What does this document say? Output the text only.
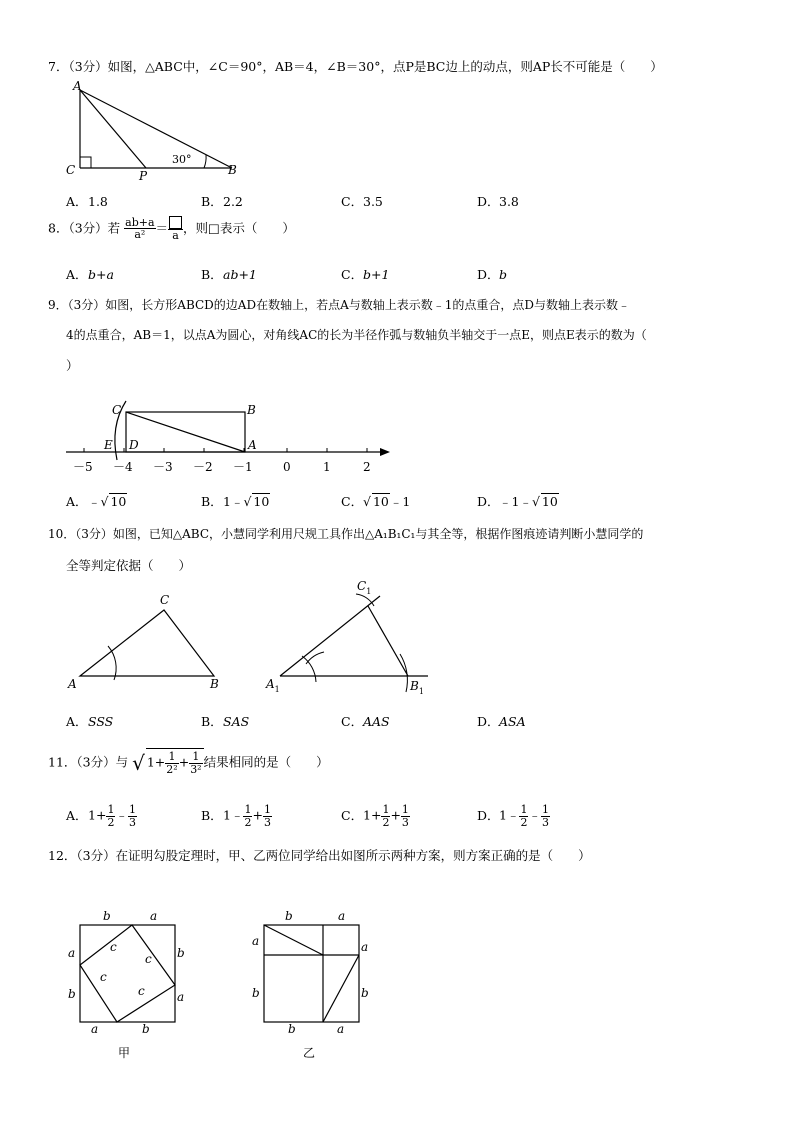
7．（3分）如图，△ABC中，∠C＝90°，AB＝4，∠B＝30°，点P是BC边上的动点，则AP长不可能是（　　）
A
C	P	B
30°
A．1.8	B．2.2	C．3.5	D．3.8
8．（3分）若 $\frac{ab+a}{\text{a²}}$ ＝
a
，则□表示（　　）
A．b+a	B．ab+1	C．b+1	D．b
9．（3分）如图，长方形ABCD的边AD在数轴上，若点A与数轴上表示数﹣1的点重合，点D与数轴上表示数﹣
4的点重合，AB＝1，以点A为圆心，对角线AC的长为半径作弧与数轴负半轴交于一点E，则点E表示的数为（
）
C	B
E D	A
－5 －4 －3 －2 －1	0	1	2
A．﹣√ 10	B．1﹣√ 10	C．√ 10﹣1	D．﹣1﹣√ 10
10．（3分）如图，已知△ABC，小慧同学利用尺规工具作出△A₁B₁C₁与其全等，根据作图痕迹请判断小慧同学的
全等判定依据（　　）
A
C
B	$A_1$	$B_1$
$C_1$
A．SSS	B．SAS	C．AAS	D．ASA
11．（3分）与 √ $1+ \frac{1}{\text{2²}} + \frac{1}{\text{3²}}$ 结果相同的是（　　）
A．$1+ \frac{1}{2}$ ﹣ $\frac{1}{3}$	B．1﹣ $\frac{1}{2} + \frac{1}{3}$	C．$1+ \frac{1}{2} + \frac{1}{3}$	D．1﹣ $\frac{1}{2}$ ﹣ $\frac{1}{3}$
12．（3分）在证明勾股定理时，甲、乙两位同学给出如图所示两种方案，则方案正确的是（　　）
b	a
a
b
b
a
a	b
c
c
c
c
甲
b	a
a
b
a
b
b	a
乙
